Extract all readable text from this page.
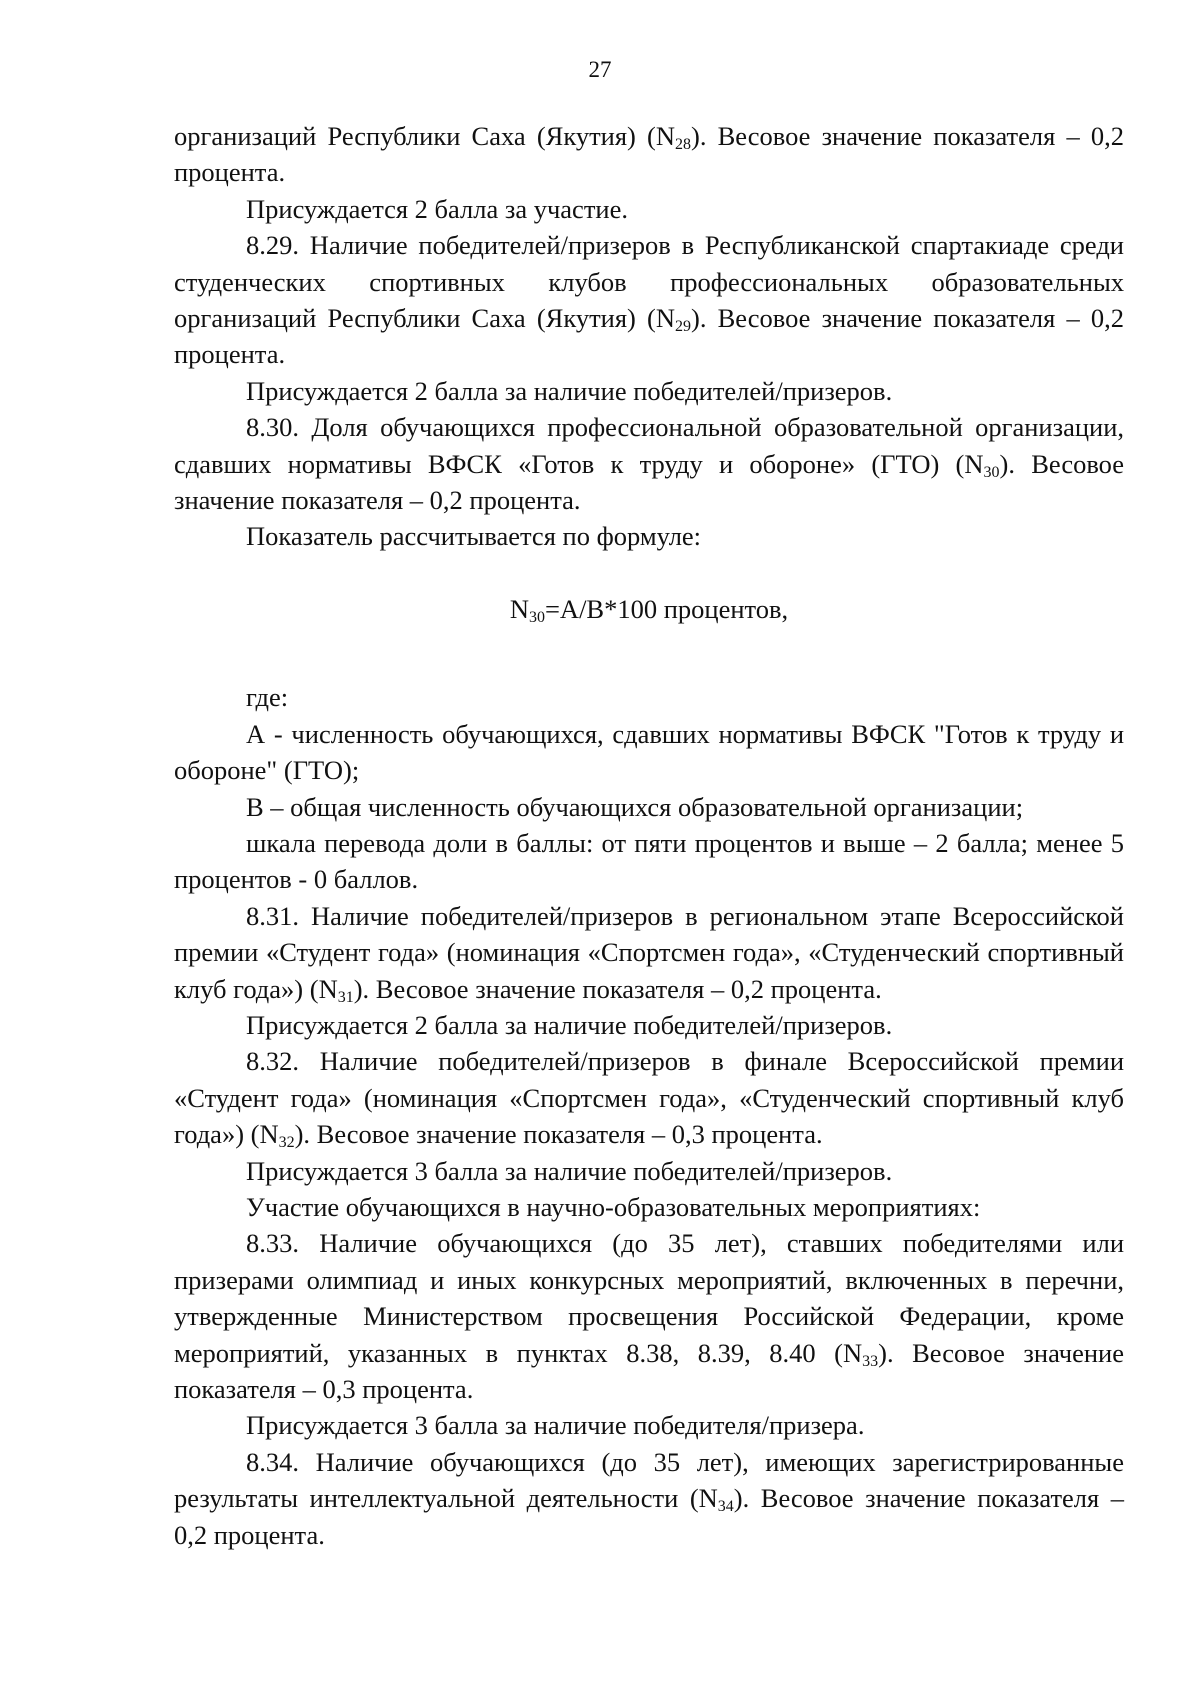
27

организаций Республики Саха (Якутия) $(N_{28})$. Весовое значение показателя – 0,2 процента.

Присуждается 2 балла за участие.

8.29. Наличие победителей/призеров в Республиканской спартакиаде среди студенческих спортивных клубов профессиональных образовательных организаций Республики Саха (Якутия) $(N_{29})$. Весовое значение показателя – 0,2 процента.

Присуждается 2 балла за наличие победителей/призеров.

8.30. Доля обучающихся профессиональной образовательной организации, сдавших нормативы ВФСК «Готов к труду и обороне» (ГТО) $(N_{30})$. Весовое значение показателя – 0,2 процента.

Показатель рассчитывается по формуле:

$N_{30}=A/B*100$ процентов,

где:

А - численность обучающихся, сдавших нормативы ВФСК "Готов к труду и обороне" (ГТО);

В – общая численность обучающихся образовательной организации;

шкала перевода доли в баллы: от пяти процентов и выше – 2 балла; менее 5 процентов - 0 баллов.

8.31. Наличие победителей/призеров в региональном этапе Всероссийской премии «Студент года» (номинация «Спортсмен года», «Студенческий спортивный клуб года») $(N_{31})$. Весовое значение показателя – 0,2 процента.

Присуждается 2 балла за наличие победителей/призеров.

8.32. Наличие победителей/призеров в финале Всероссийской премии «Студент года» (номинация «Спортсмен года», «Студенческий спортивный клуб года») $(N_{32})$. Весовое значение показателя – 0,3 процента.

Присуждается 3 балла за наличие победителей/призеров.

Участие обучающихся в научно-образовательных мероприятиях:

8.33. Наличие обучающихся (до 35 лет), ставших победителями или призерами олимпиад и иных конкурсных мероприятий, включенных в перечни, утвержденные Министерством просвещения Российской Федерации, кроме мероприятий, указанных в пунктах 8.38, 8.39, 8.40 $(N_{33})$. Весовое значение показателя – 0,3 процента.

Присуждается 3 балла за наличие победителя/призера.

8.34. Наличие обучающихся (до 35 лет), имеющих зарегистрированные результаты интеллектуальной деятельности $(N_{34})$. Весовое значение показателя – 0,2 процента.
